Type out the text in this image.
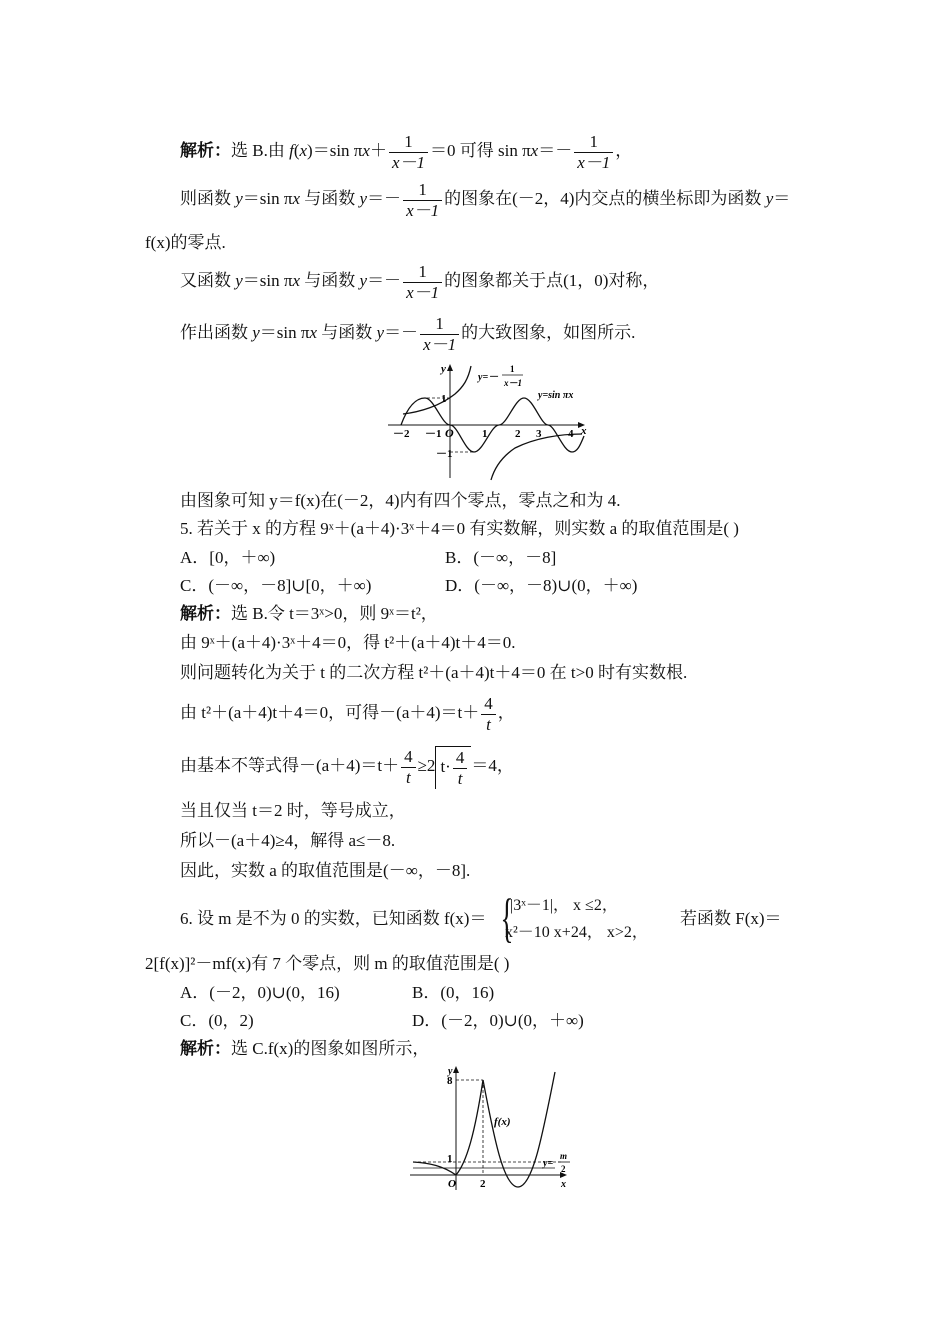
解析：选 B.由 f(x)＝sin $\pi x+ \frac{1}{x-1} =0$ 可得 $\sin \pi x=- \frac{1}{x-1}$ ，
则函数 y＝sin πx 与函数 $y=- \frac{1}{x-1}$ 的图象在(－2，4)内交点的横坐标即为函数 y＝
f(x)的零点.
又函数 y＝sin πx 与函数 $y=- \frac{1}{x-1}$ 的图象都关于点(1，0)对称，
作出函数 y＝sin πx 与函数 $y=- \frac{1}{x-1}$ 的大致图象，如图所示.
y
x
O
－2 －1	1	2 3 4
1
－1
y=－
1
x－1
y=sin πx
由图象可知 y＝f(x)在(－2，4)内有四个零点，零点之和为 4.
5. 若关于 x 的方程 9ˣ＋(a＋4)·3ˣ＋4＝0 有实数解，则实数 a 的取值范围是( )
A．[0，＋∞)	B．(－∞，－8]
C．(－∞，－8]∪[0，＋∞)	D．(－∞，－8)∪(0，＋∞)
解析：选 B.令 t＝3ˣ>0，则 9ˣ＝t²，
由 9ˣ＋(a＋4)·3ˣ＋4＝0，得 t²＋(a＋4)t＋4＝0.
则问题转化为关于 t 的二次方程 t²＋(a＋4)t＋4＝0 在 t>0 时有实数根.
由 t²＋(a＋4)t＋4＝0，可得$-(a+4)=t+ \frac{4}{t}$ ，
由基本不等式得$-(a+4)=t+ \frac{4}{t} \ge 2$ $t\cdot \frac{4}{t} =4$，
当且仅当 t＝2 时，等号成立，
所以－(a＋4)≥4，解得 a≤－8.
因此，实数 a 的取值范围是(－∞，－8].
6. 设 m 是不为 0 的实数，已知函数 f(x)＝ {
|3ˣ－1|， x ≤2，
x²－10 x+24， x>2，
若函数 F(x)＝
2[f(x)]²－mf(x)有 7 个零点，则 m 的取值范围是( )
A．(－2，0)∪(0，16)	B．(0，16)
C．(0，2)	D．(－2，0)∪(0，＋∞)
解析：选 C.f(x)的图象如图所示，
y
x
O
8
1
2
f(x)
y=
m
2
